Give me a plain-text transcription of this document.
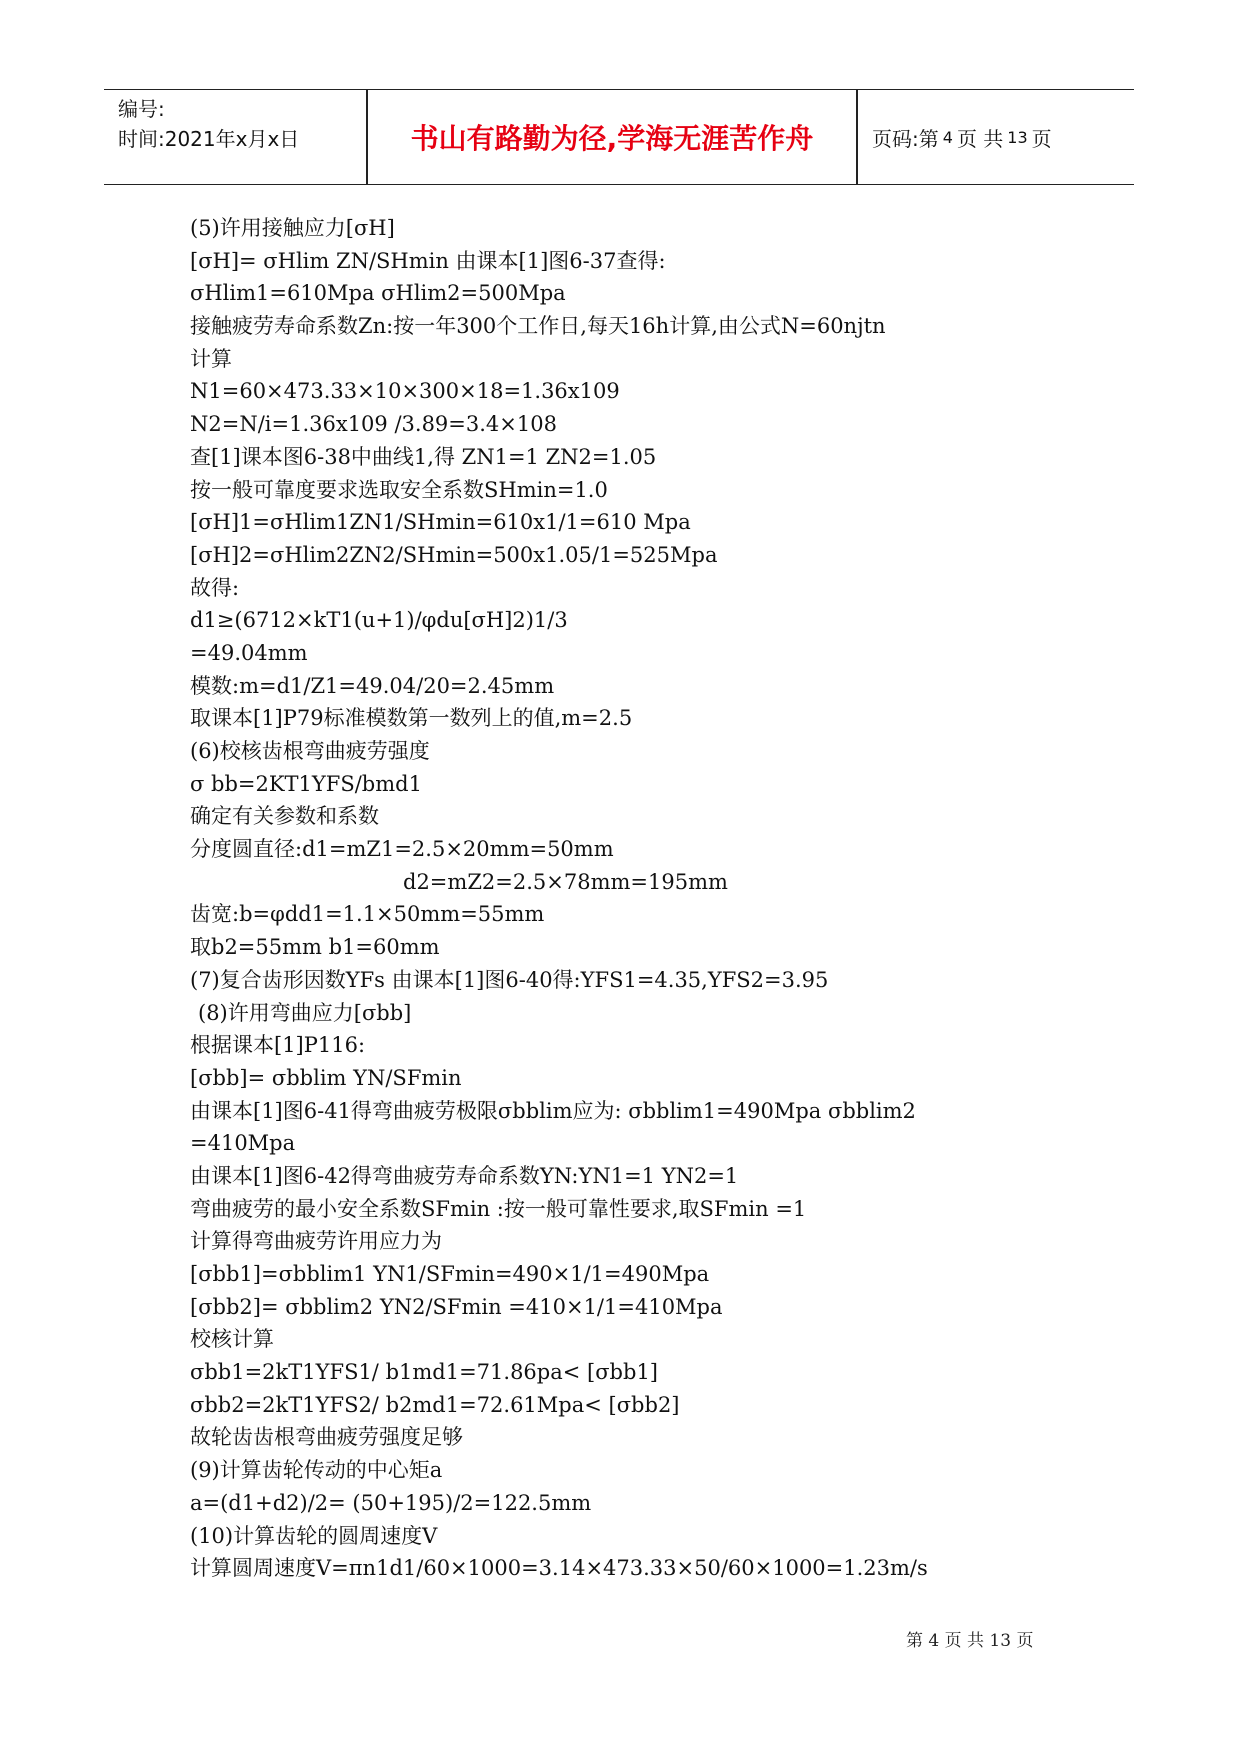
编号:
时间:2021年x月x日	书山有路勤为径,学海无涯苦作舟	页码:第 4 页 共 13 页
(5)许用接触应力[σH]
[σH]= σHlim ZN/SHmin 由课本[1]图6-37查得:
σHlim1=610Mpa σHlim2=500Mpa
接触疲劳寿命系数Zn:按一年300个工作日,每天16h计算,由公式N=60njtn
计算
N1=60×473.33×10×300×18=1.36x109
N2=N/i=1.36x109 /3.89=3.4×108
查[1]课本图6-38中曲线1,得 ZN1=1 ZN2=1.05
按一般可靠度要求选取安全系数SHmin=1.0
[σH]1=σHlim1ZN1/SHmin=610x1/1=610 Mpa
[σH]2=σHlim2ZN2/SHmin=500x1.05/1=525Mpa
故得:
d1≥(6712×kT1(u+1)/φdu[σH]2)1/3
=49.04mm
模数:m=d1/Z1=49.04/20=2.45mm
取课本[1]P79标准模数第一数列上的值,m=2.5
(6)校核齿根弯曲疲劳强度
σ bb=2KT1YFS/bmd1
确定有关参数和系数
分度圆直径:d1=mZ1=2.5×20mm=50mm
d2=mZ2=2.5×78mm=195mm
齿宽:b=φdd1=1.1×50mm=55mm
取b2=55mm b1=60mm
(7)复合齿形因数YFs 由课本[1]图6-40得:YFS1=4.35,YFS2=3.95
(8)许用弯曲应力[σbb]
根据课本[1]P116:
[σbb]= σbblim YN/SFmin
由课本[1]图6-41得弯曲疲劳极限σbblim应为: σbblim1=490Mpa σbblim2
=410Mpa
由课本[1]图6-42得弯曲疲劳寿命系数YN:YN1=1 YN2=1
弯曲疲劳的最小安全系数SFmin :按一般可靠性要求,取SFmin =1
计算得弯曲疲劳许用应力为
[σbb1]=σbblim1 YN1/SFmin=490×1/1=490Mpa
[σbb2]= σbblim2 YN2/SFmin =410×1/1=410Mpa
校核计算
σbb1=2kT1YFS1/ b1md1=71.86pa< [σbb1]
σbb2=2kT1YFS2/ b2md1=72.61Mpa< [σbb2]
故轮齿齿根弯曲疲劳强度足够
(9)计算齿轮传动的中心矩a
a=(d1+d2)/2= (50+195)/2=122.5mm
(10)计算齿轮的圆周速度V
计算圆周速度V=πn1d1/60×1000=3.14×473.33×50/60×1000=1.23m/s
第 4 页 共 13 页
